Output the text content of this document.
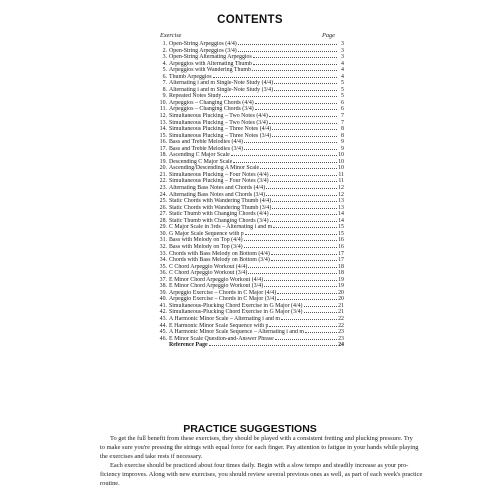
CONTENTS
Exercise	Page
1. Open-String Arpeggios (4/4)	3
2. Open-String Arpeggios (3/4)	3
3. Open-String Alternating Arpeggios	3
4. Arpeggios with Alternating Thumb	4
5. Arpeggios with Wandering Thumb	4
6. Thumb Arpeggios	4
7. Alternating i and m Single-Note Study (4/4)	5
8. Alternating i and m Single-Note Study (3/4)	5
9. Repeated Notes Study	5
10. Arpeggios – Changing Chords (4/4)	6
11. Arpeggios – Changing Chords (3/4)	6
12. Simultaneous Plucking – Two Notes (4/4)	7
13. Simultaneous Plucking – Two Notes (3/4)	7
14. Simultaneous Plucking – Three Notes (4/4)	8
15. Simultaneous Plucking – Three Notes (3/4)	8
16. Bass and Treble Melodies (4/4)	9
17. Bass and Treble Melodies (3/4)	9
18. Ascending C Major Scale	10
19. Descending C Major Scale	10
20. Ascending/Descending A Minor Scale	10
21. Simultaneous Plucking – Four Notes (4/4)	11
22. Simultaneous Plucking – Four Notes (3/4)	11
23. Alternating Bass Notes and Chords (4/4)	12
24. Alternating Bass Notes and Chords (3/4)	12
25. Static Chords with Wandering Thumb (4/4)	13
26. Static Chords with Wandering Thumb (3/4)	13
27. Static Thumb with Changing Chords (4/4)	14
28. Static Thumb with Changing Chords (3/4)	14
29. C Major Scale in 3rds – Alternating i and m	15
30. G Major Scale Sequence with p	15
31. Bass with Melody on Top (4/4)	16
32. Bass with Melody on Top (3/4)	16
33. Chords with Bass Melody on Bottom (4/4)	17
34. Chords with Bass Melody on Bottom (3/4)	17
35. C Chord Arpeggio Workout (4/4)	18
36. C Chord Arpeggio Workout (3/4)	18
37. E Minor Chord Arpeggio Workout (4/4)	19
38. E Minor Chord Arpeggio Workout (3/4)	19
39. Arpeggio Exercise – Chords in C Major (4/4)	20
40. Arpeggio Exercise – Chords in C Major (3/4)	20
41. Simultaneous-Plucking Chord Exercise in G Major (4/4)	21
42. Simultaneous-Plucking Chord Exercise in G Major (3/4)	21
43. A Harmonic Minor Scale – Alternating i and m	22
44. E Harmonic Minor Scale Sequence with p	22
45. A Harmonic Minor Scale Sequence – Alternating i and m	23
46. E Minor Scale Question-and-Answer Phrase	23
Reference Page	24
PRACTICE SUGGESTIONS

To get the full benefit from these exercises, they should be played with a consistent fretting and plucking pressure. Try
to make sure you're pressing the strings with equal force for each finger. Pay attention to fatigue in your hands while playing
the exercises and take rests if necessary.

Each exercise should be practiced about four times daily. Begin with a slow tempo and steadily increase as your pro-
ficiency improves. Along with new exercises, you should review several previous ones as well, as part of each week's practice
routine.
